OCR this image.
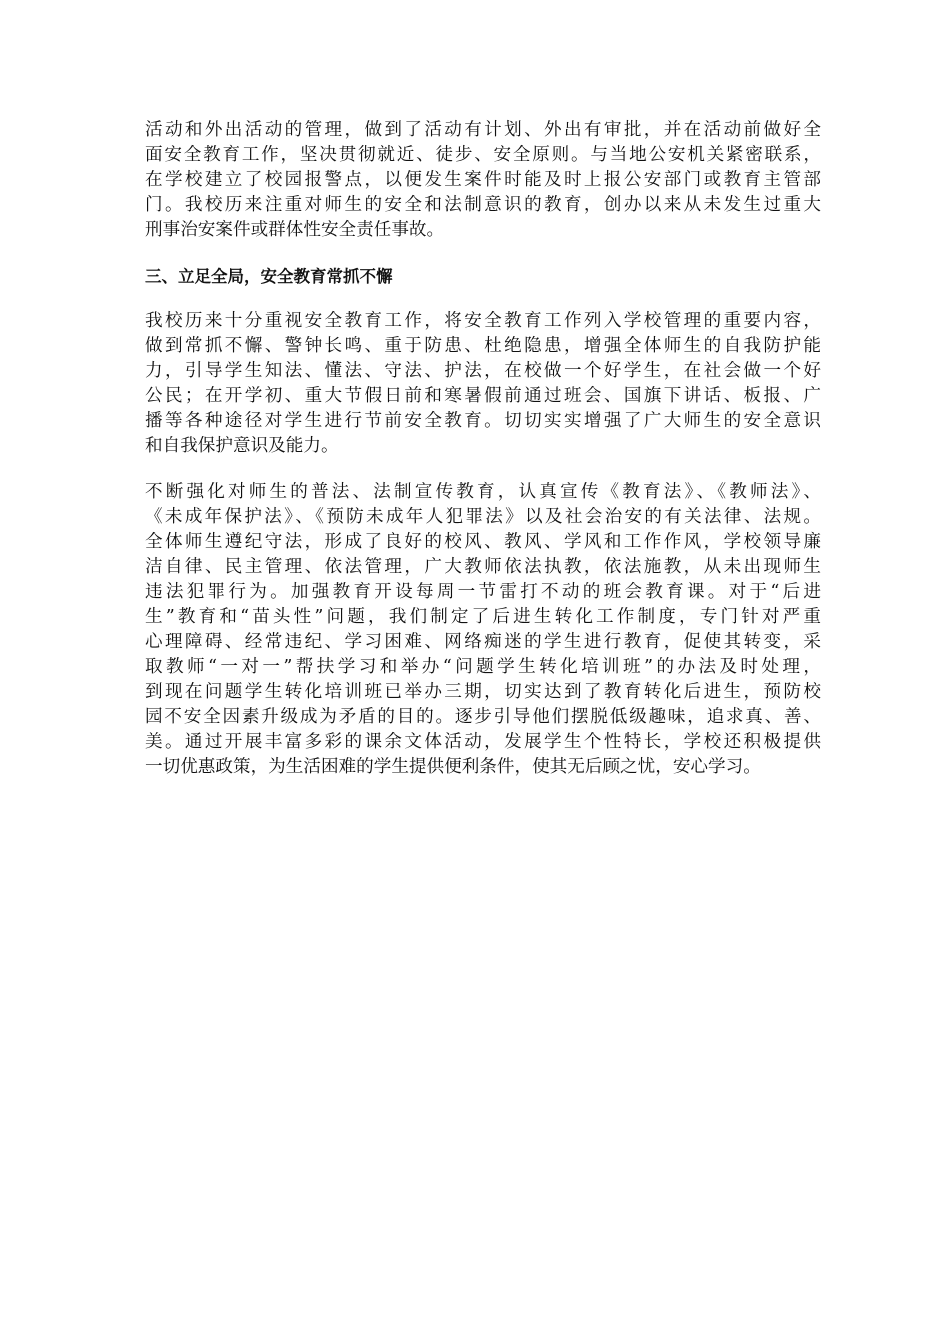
活动和外出活动的管理，做到了活动有计划、外出有审批，并在活动前做好全
面安全教育工作，坚决贯彻就近、徒步、安全原则。与当地公安机关紧密联系，
在学校建立了校园报警点，以便发生案件时能及时上报公安部门或教育主管部
门。我校历来注重对师生的安全和法制意识的教育，创办以来从未发生过重大
刑事治安案件或群体性安全责任事故。
三、立足全局，安全教育常抓不懈
我校历来十分重视安全教育工作，将安全教育工作列入学校管理的重要内容，
做到常抓不懈、警钟长鸣、重于防患、杜绝隐患，增强全体师生的自我防护能
力，引导学生知法、懂法、守法、护法，在校做一个好学生，在社会做一个好
公民；在开学初、重大节假日前和寒暑假前通过班会、国旗下讲话、板报、广
播等各种途径对学生进行节前安全教育。切切实实增强了广大师生的安全意识
和自我保护意识及能力。
不断强化对师生的普法、法制宣传教育，认真宣传《教育法》、《教师法》、
《未成年保护法》、《预防未成年人犯罪法》以及社会治安的有关法律、法规。
全体师生遵纪守法，形成了良好的校风、教风、学风和工作作风，学校领导廉
洁自律、民主管理、依法管理，广大教师依法执教，依法施教，从未出现师生
违法犯罪行为。加强教育开设每周一节雷打不动的班会教育课。对于“后进
生”教育和“苗头性”问题，我们制定了后进生转化工作制度，专门针对严重
心理障碍、经常违纪、学习困难、网络痴迷的学生进行教育，促使其转变，采
取教师“一对一”帮扶学习和举办“问题学生转化培训班”的办法及时处理，
到现在问题学生转化培训班已举办三期，切实达到了教育转化后进生，预防校
园不安全因素升级成为矛盾的目的。逐步引导他们摆脱低级趣味，追求真、善、
美。通过开展丰富多彩的课余文体活动，发展学生个性特长，学校还积极提供
一切优惠政策，为生活困难的学生提供便利条件，使其无后顾之忧，安心学习。
